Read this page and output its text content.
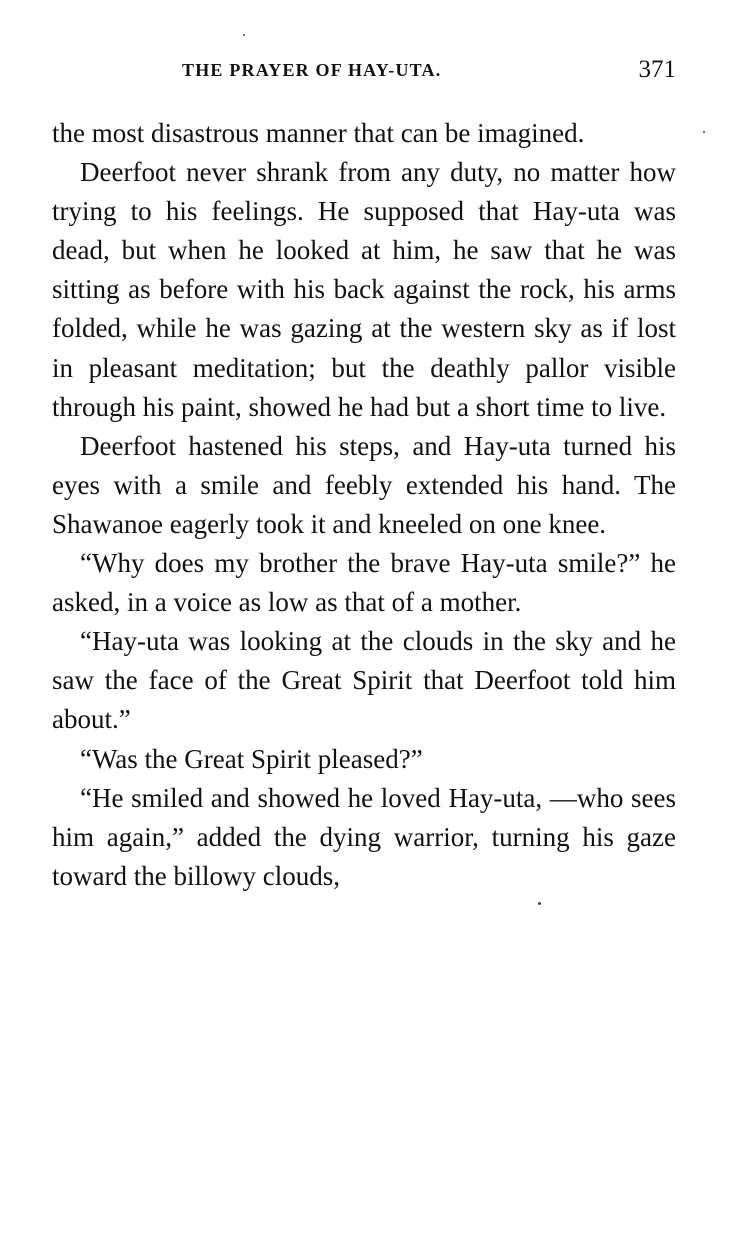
THE PRAYER OF HAY-UTA.	371

the most disastrous manner that can be imagined.

Deerfoot never shrank from any duty, no matter how trying to his feelings. He supposed that Hay-uta was dead, but when he looked at him, he saw that he was sitting as before with his back against the rock, his arms folded, while he was gazing at the western sky as if lost in pleasant meditation; but the deathly pallor visible through his paint, showed he had but a short time to live.

Deerfoot hastened his steps, and Hay-uta turned his eyes with a smile and feebly extended his hand. The Shawanoe eagerly took it and kneeled on one knee.

“Why does my brother the brave Hay-uta smile?” he asked, in a voice as low as that of a mother.

“Hay-uta was looking at the clouds in the sky and he saw the face of the Great Spirit that Deerfoot told him about.”

“Was the Great Spirit pleased?”

“He smiled and showed he loved Hay-uta, —who sees him again,” added the dying warrior, turning his gaze toward the billowy clouds,
